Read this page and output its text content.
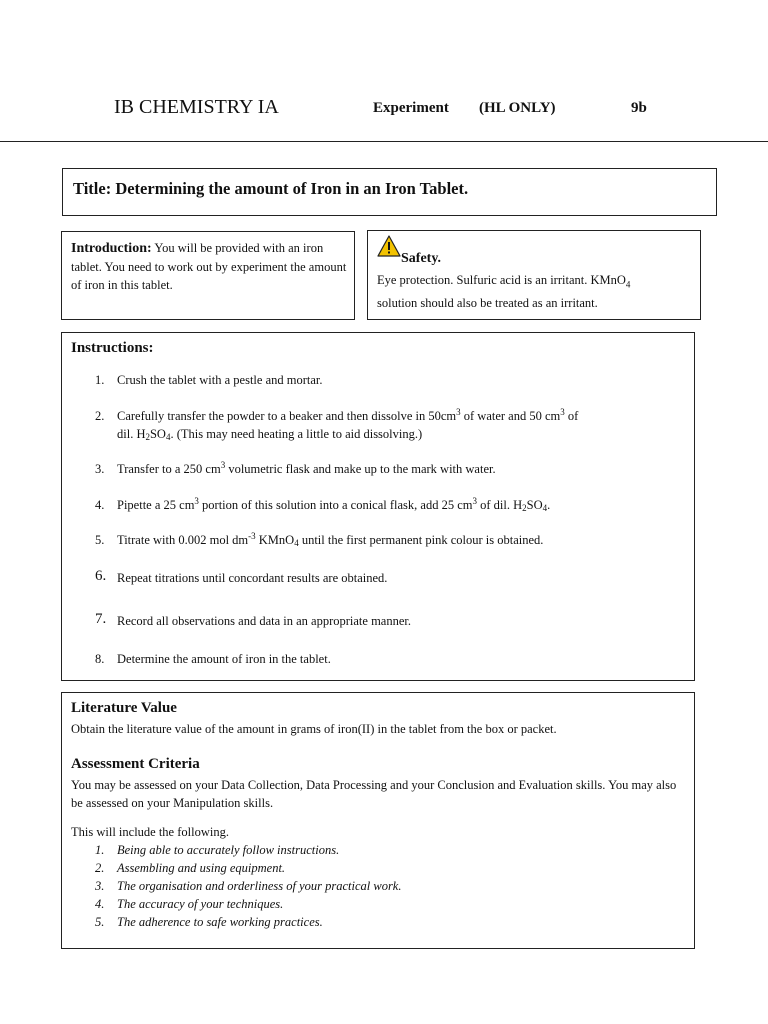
IB CHEMISTRY IA	Experiment (HL ONLY)	9b
Title: Determining the amount of Iron in an Iron Tablet.
Introduction: You will be provided with an iron tablet. You need to work out by experiment the amount of iron in this tablet.
Safety.
Eye protection. Sulfuric acid is an irritant. KMnO$_4$
solution should also be treated as an irritant.
Instructions:
1. Crush the tablet with a pestle and mortar.
2. Carefully transfer the powder to a beaker and then dissolve in $50cm^3$ of water and 50 $cm^3$ of
dil. $H_2SO_4$. (This may need heating a little to aid dissolving.)
3. Transfer to a 250 $cm^3$ volumetric flask and make up to the mark with water.
4. Pipette a 25 $cm^3$ portion of this solution into a conical flask, add 25 $cm^3$ of dil. $H_2SO_4$.
5. Titrate with 0.002 mol $dm^{-3}$ KMnO$_4$ until the first permanent pink colour is obtained.
6. Repeat titrations until concordant results are obtained.
7. Record all observations and data in an appropriate manner.
8. Determine the amount of iron in the tablet.
Literature Value
Obtain the literature value of the amount in grams of iron(II) in the tablet from the box or packet.
Assessment Criteria
You may be assessed on your Data Collection, Data Processing and your Conclusion and Evaluation skills. You may also be assessed on your Manipulation skills.
This will include the following.
1. Being able to accurately follow instructions.
2. Assembling and using equipment.
3. The organisation and orderliness of your practical work.
4. The accuracy of your techniques.
5. The adherence to safe working practices.
